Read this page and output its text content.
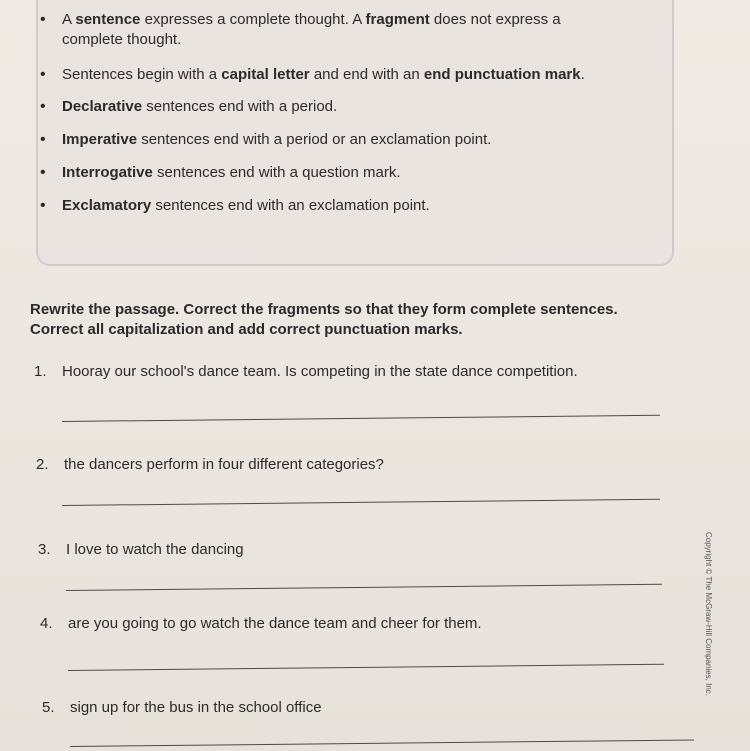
• A sentence expresses a complete thought. A fragment does not express a complete thought.
• Sentences begin with a capital letter and end with an end punctuation mark.
• Declarative sentences end with a period.
• Imperative sentences end with a period or an exclamation point.
• Interrogative sentences end with a question mark.
• Exclamatory sentences end with an exclamation point.

Rewrite the passage. Correct the fragments so that they form complete sentences. Correct all capitalization and add correct punctuation marks.

1. Hooray our school's dance team. Is competing in the state dance competition.
2. the dancers perform in four different categories?
3. I love to watch the dancing
4. are you going to go watch the dance team and cheer for them.
5. sign up for the bus in the school office
Copyright © The McGraw-Hill Companies, Inc.
